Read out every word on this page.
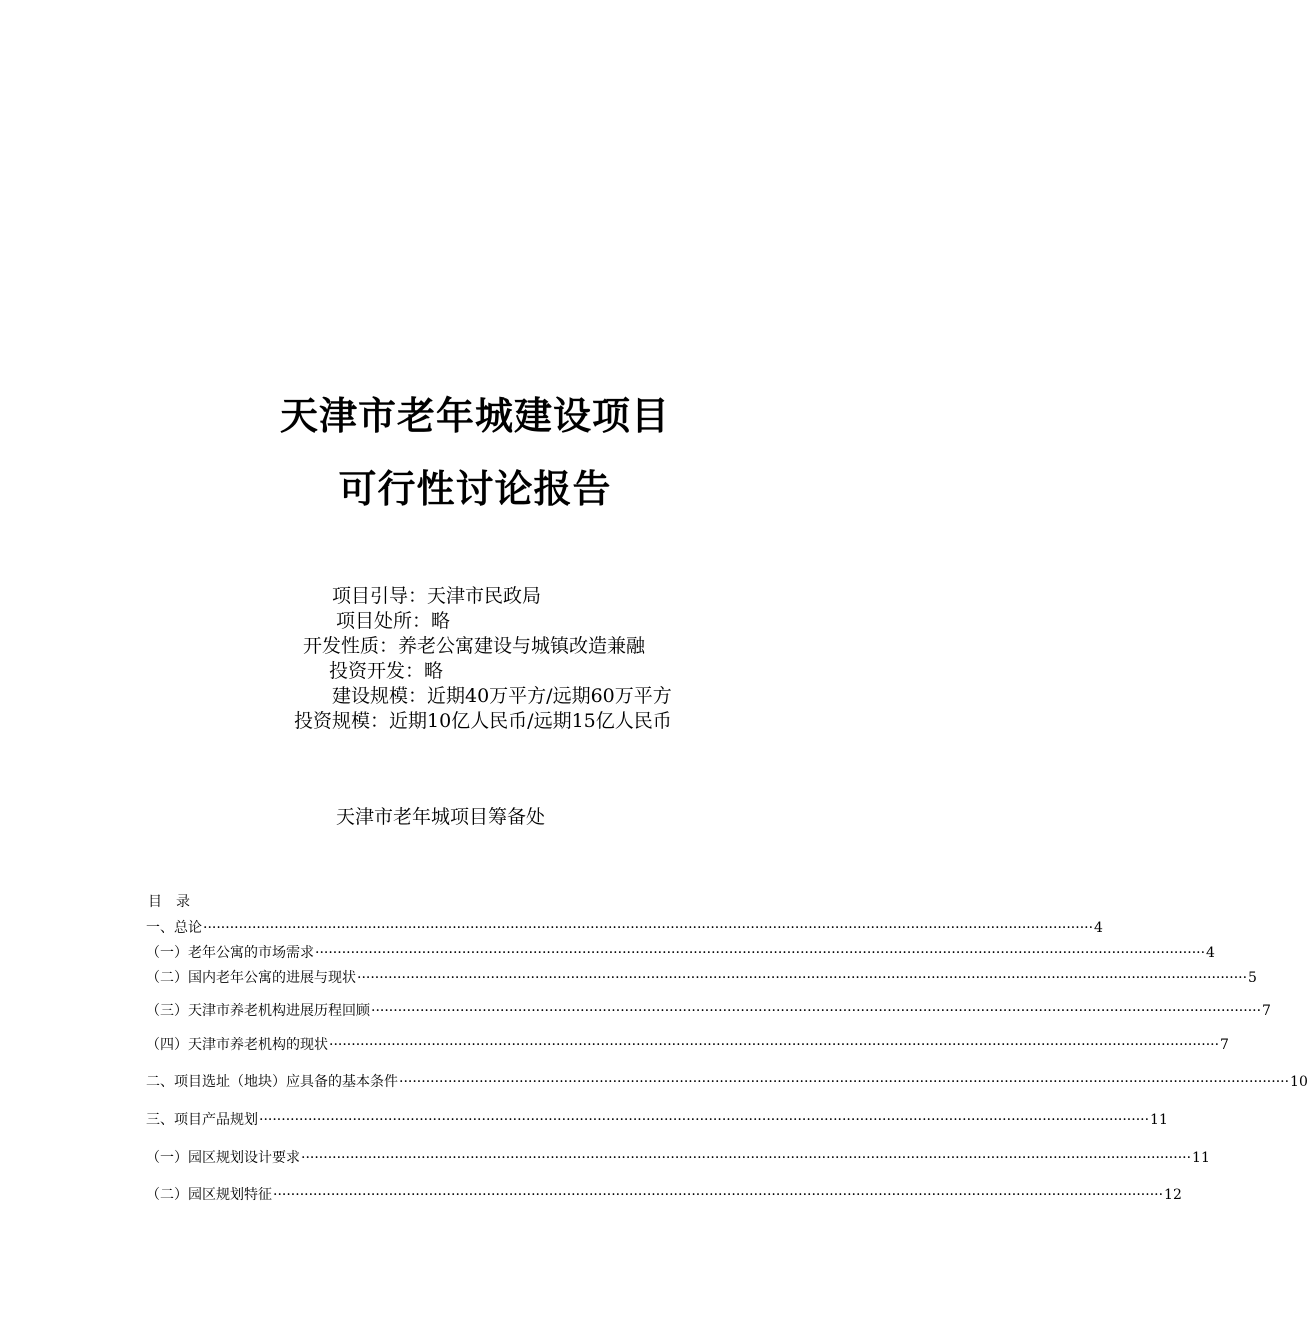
天津市老年城建设项目
可行性讨论报告
项目引导：天津市民政局
项目处所：略
开发性质：养老公寓建设与城镇改造兼融
投资开发：略
建设规模：近期40万平方/远期60万平方
投资规模：近期10亿人民币/远期15亿人民币
天津市老年城项目筹备处
目录
一、总论 ········································································································································································································ 4
（一）老年公寓的市场需求 ········································································································································································································ 4
（二）国内老年公寓的进展与现状 ········································································································································································································ 5
（三）天津市养老机构进展历程回顾 ········································································································································································································ 7
（四）天津市养老机构的现状 ········································································································································································································ 7
二、项目选址（地块）应具备的基本条件 ········································································································································································································ 10
三、项目产品规划 ········································································································································································································ 11
（一）园区规划设计要求 ········································································································································································································ 11
（二）园区规划特征 ········································································································································································································ 12
